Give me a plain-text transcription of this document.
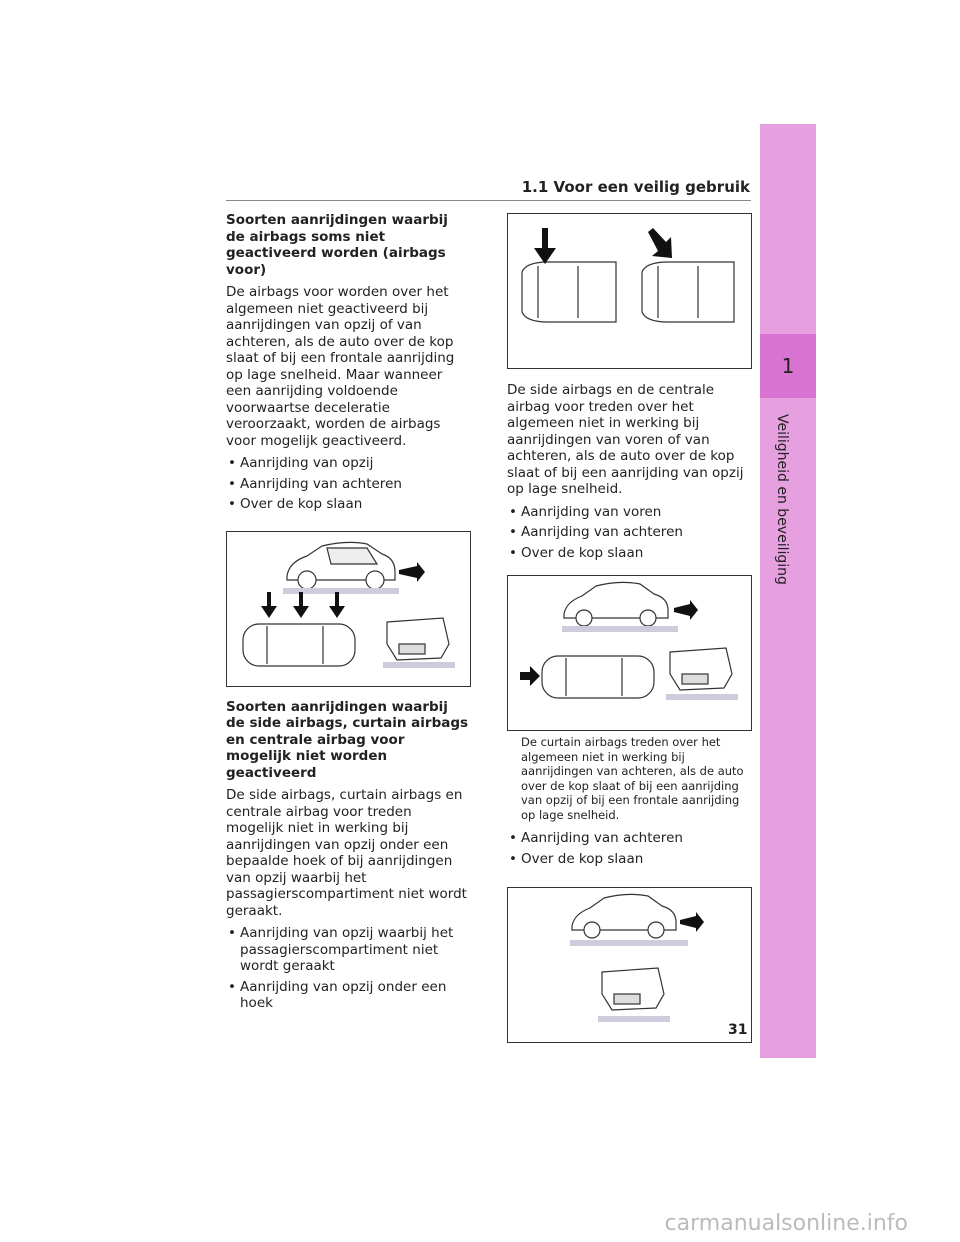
1
Veiligheid en beveiliging
1.1 Voor een veilig gebruik
Soorten aanrijdingen waarbij de airbags soms niet geactiveerd worden (airbags voor)

De airbags voor worden over het algemeen niet geactiveerd bij aanrijdingen van opzij of van achteren, als de auto over de kop slaat of bij een frontale aanrijding op lage snelheid. Maar wanneer een aanrijding voldoende voorwaartse deceleratie veroorzaakt, worden de airbags voor mogelijk geactiveerd.

• Aanrijding van opzij
• Aanrijding van achteren
• Over de kop slaan
Soorten aanrijdingen waarbij de side airbags, curtain airbags en centrale airbag voor mogelijk niet worden geactiveerd

De side airbags, curtain airbags en centrale airbag voor treden mogelijk niet in werking bij aanrijdingen van opzij onder een bepaalde hoek of bij aanrijdingen van opzij waarbij het passagierscompartiment niet wordt geraakt.

• Aanrijding van opzij waarbij het passagierscompartiment niet wordt geraakt
• Aanrijding van opzij onder een hoek

De side airbags en de centrale airbag voor treden over het algemeen niet in werking bij aanrijdingen van voren of van achteren, als de auto over de kop slaat of bij een aanrijding van opzij op lage snelheid.

• Aanrijding van voren
• Aanrijding van achteren
• Over de kop slaan
De curtain airbags treden over het algemeen niet in werking bij aanrijdingen van achteren, als de auto over de kop slaat of bij een aanrijding van opzij of bij een frontale aanrijding op lage snelheid.
• Aanrijding van achteren
• Over de kop slaan
31
carmanualsonline.info
